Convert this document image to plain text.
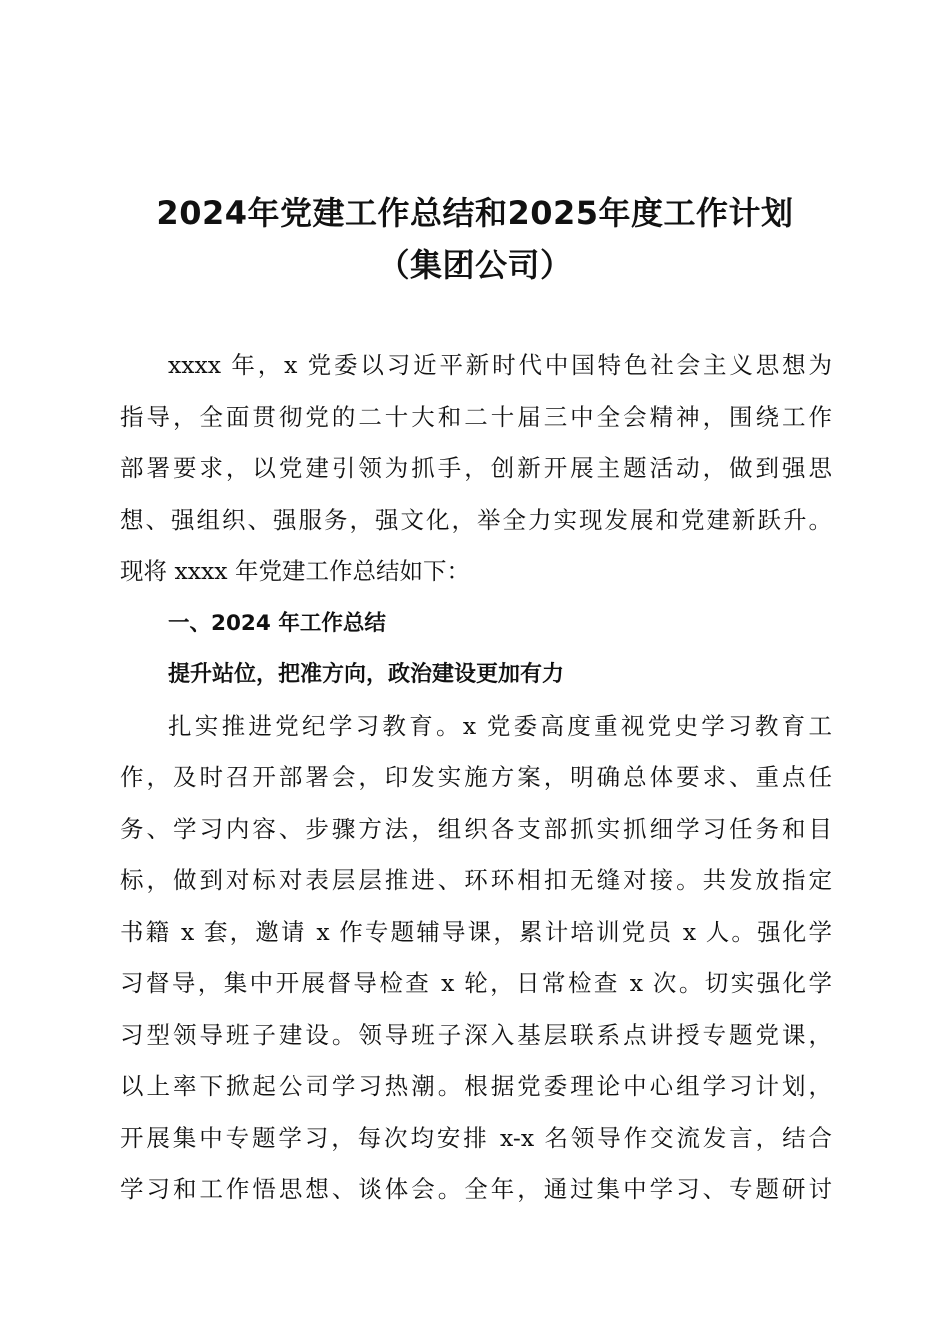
2024年党建工作总结和2025年度工作计划
（集团公司）
xxxx 年，x 党委以习近平新时代中国特色社会主义思想为
指导，全面贯彻党的二十大和二十届三中全会精神，围绕工作
部署要求，以党建引领为抓手，创新开展主题活动，做到强思
想、强组织、强服务，强文化，举全力实现发展和党建新跃升。
现将 xxxx 年党建工作总结如下：
一、2024 年工作总结
提升站位，把准方向，政治建设更加有力
扎实推进党纪学习教育。x 党委高度重视党史学习教育工
作，及时召开部署会，印发实施方案，明确总体要求、重点任
务、学习内容、步骤方法，组织各支部抓实抓细学习任务和目
标，做到对标对表层层推进、环环相扣无缝对接。共发放指定
书籍 x 套，邀请 x 作专题辅导课，累计培训党员 x 人。强化学
习督导，集中开展督导检查 x 轮，日常检查 x 次。切实强化学
习型领导班子建设。领导班子深入基层联系点讲授专题党课，
以上率下掀起公司学习热潮。根据党委理论中心组学习计划，
开展集中专题学习，每次均安排 x-x 名领导作交流发言，结合
学习和工作悟思想、谈体会。全年，通过集中学习、专题研讨
